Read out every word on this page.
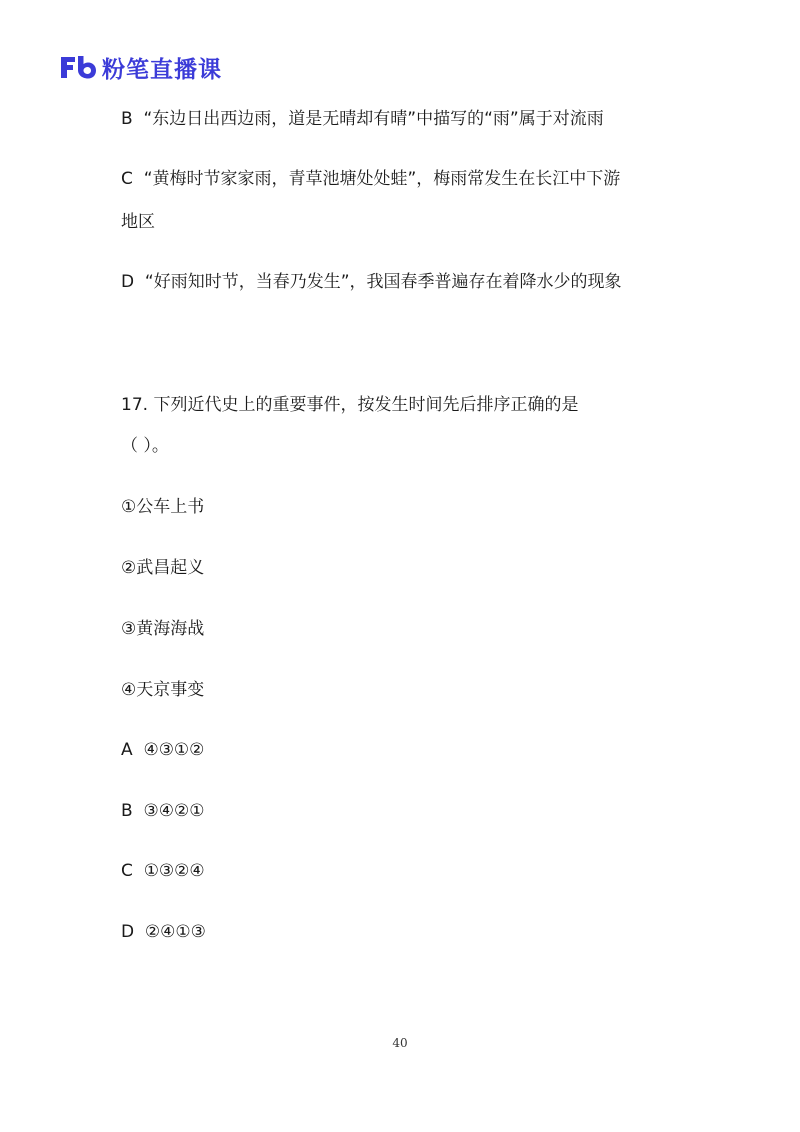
粉笔直播课
B “东边日出西边雨，道是无晴却有晴”中描写的“雨”属于对流雨
C “黄梅时节家家雨，青草池塘处处蛙”，梅雨常发生在长江中下游
地区
D “好雨知时节，当春乃发生”，我国春季普遍存在着降水少的现象
17. 下列近代史上的重要事件，按发生时间先后排序正确的是
（ ）。
①公车上书
②武昌起义
③黄海海战
④天京事变
A ④③①②
B ③④②①
C ①③②④
D ②④①③
40
